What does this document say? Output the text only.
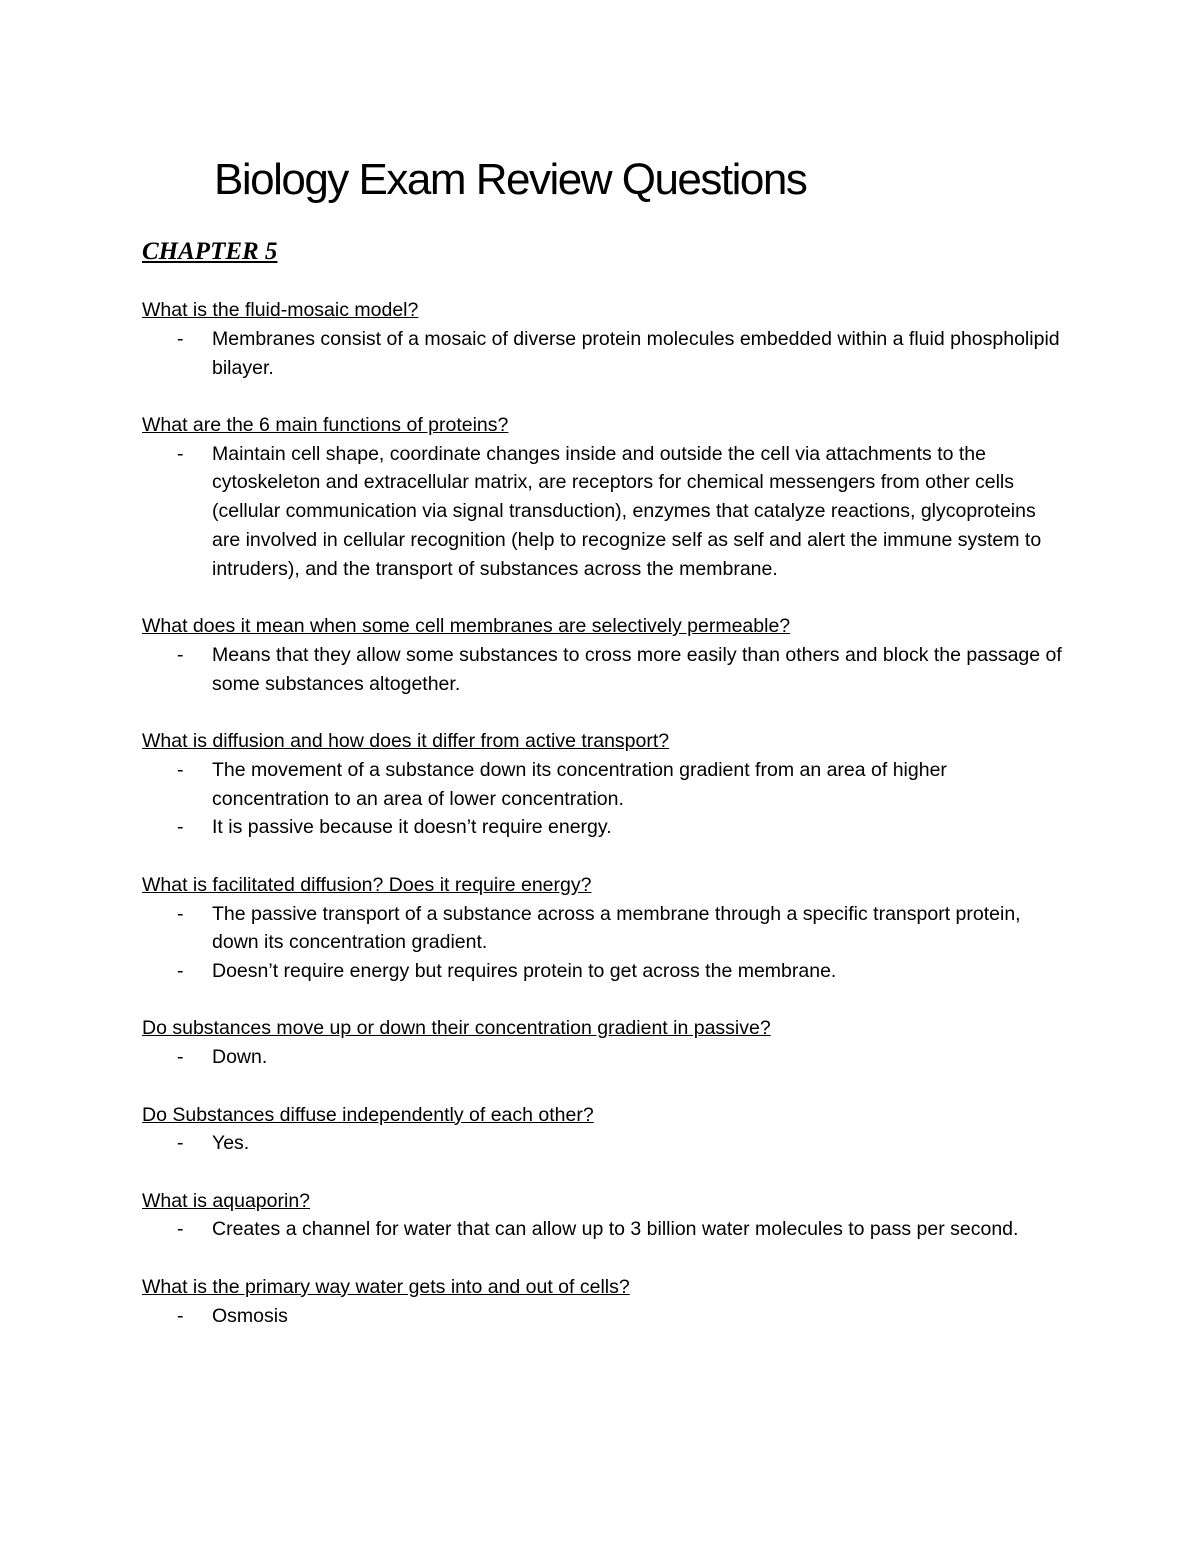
Biology Exam Review Questions
CHAPTER 5

What is the fluid-mosaic model?

- Membranes consist of a mosaic of diverse protein molecules embedded within a fluid phospholipid bilayer.

What are the 6 main functions of proteins?

- Maintain cell shape, coordinate changes inside and outside the cell via attachments to the cytoskeleton and extracellular matrix, are receptors for chemical messengers from other cells (cellular communication via signal transduction), enzymes that catalyze reactions, glycoproteins are involved in cellular recognition (help to recognize self as self and alert the immune system to intruders), and the transport of substances across the membrane.

What does it mean when some cell membranes are selectively permeable?

- Means that they allow some substances to cross more easily than others and block the passage of some substances altogether.

What is diffusion and how does it differ from active transport?

- The movement of a substance down its concentration gradient from an area of higher concentration to an area of lower concentration.
- It is passive because it doesn’t require energy.

What is facilitated diffusion? Does it require energy?

- The passive transport of a substance across a membrane through a specific transport protein, down its concentration gradient.
- Doesn’t require energy but requires protein to get across the membrane.

Do substances move up or down their concentration gradient in passive?

- Down.

Do Substances diffuse independently of each other?

- Yes.

What is aquaporin?

- Creates a channel for water that can allow up to 3 billion water molecules to pass per second.

What is the primary way water gets into and out of cells?

- Osmosis
